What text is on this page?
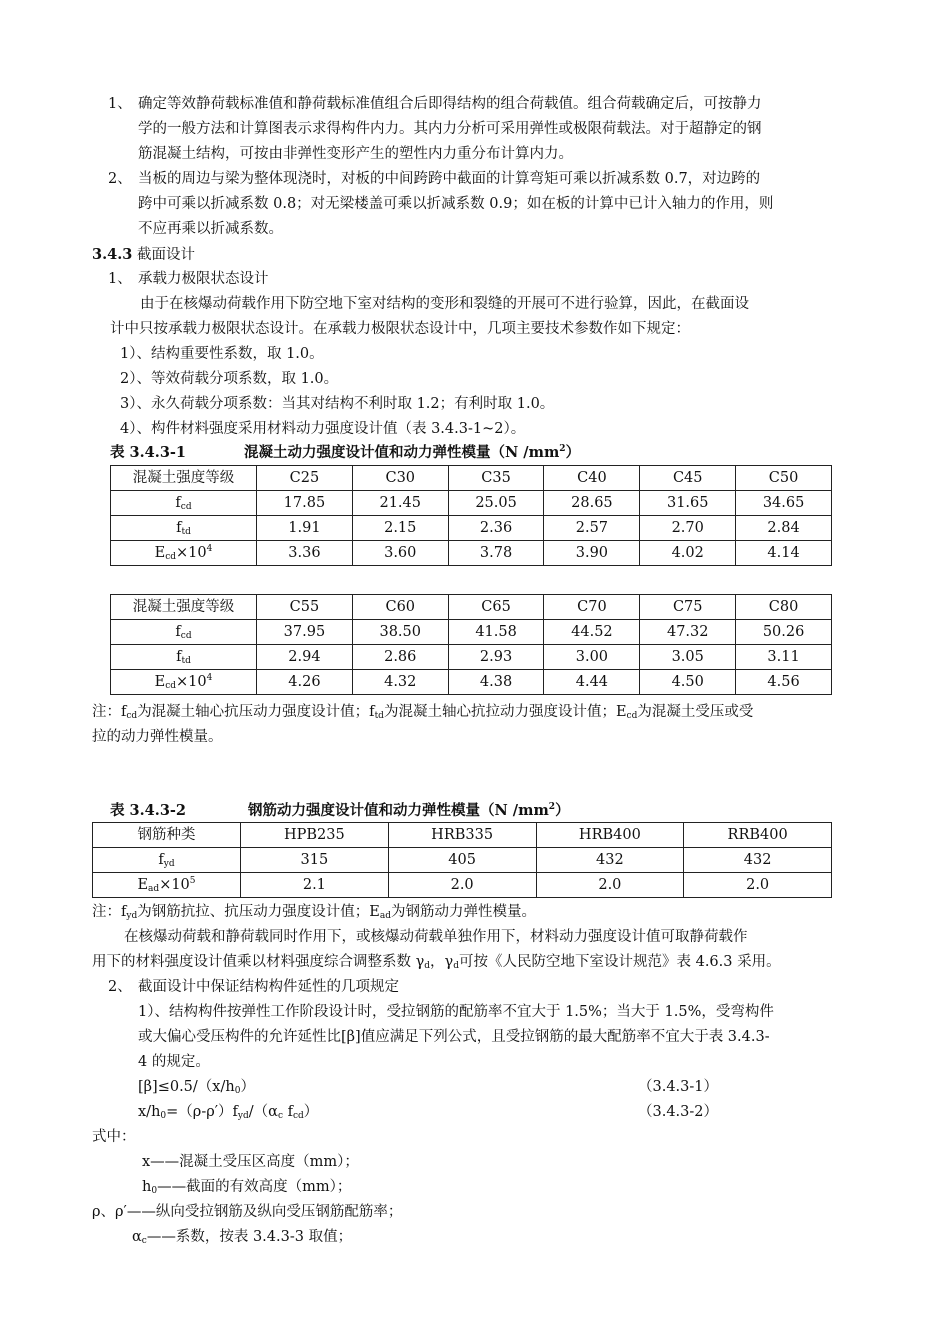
1、 确定等效静荷载标准值和静荷载标准值组合后即得结构的组合荷载值。组合荷载确定后，可按静力
学的一般方法和计算图表示求得构件内力。其内力分析可采用弹性或极限荷载法。对于超静定的钢
筋混凝土结构，可按由非弹性变形产生的塑性内力重分布计算内力。
2、 当板的周边与梁为整体现浇时，对板的中间跨跨中截面的计算弯矩可乘以折减系数 0.7，对边跨的
跨中可乘以折减系数 0.8；对无梁楼盖可乘以折减系数 0.9；如在板的计算中已计入轴力的作用，则
不应再乘以折减系数。
3.4.3 截面设计
1、 承载力极限状态设计
由于在核爆动荷载作用下防空地下室对结构的变形和裂缝的开展可不进行验算，因此，在截面设
计中只按承载力极限状态设计。在承载力极限状态设计中，几项主要技术参数作如下规定：
1）、结构重要性系数，取 1.0。
2）、等效荷载分项系数，取 1.0。
3）、永久荷载分项系数：当其对结构不利时取 1.2；有利时取 1.0。
4）、构件材料强度采用材料动力强度设计值（表 3.4.3-1~2）。
表 3.4.3-1	混凝土动力强度设计值和动力弹性模量（N $/mm^2$）
混凝土强度等级	C25	C30	C35	C40	C45	C50
$f_{cd}$	17.85	21.45	25.05	28.65	31.65	34.65
$f_{td}$	1.91	2.15	2.36	2.57	2.70	2.84
$E_{cd}\times 10^4$	3.36	3.60	3.78	3.90	4.02	4.14
混凝土强度等级	C55	C60	C65	C70	C75	C80
$f_{cd}$	37.95	38.50	41.58	44.52	47.32	50.26
$f_{td}$	2.94	2.86	2.93	3.00	3.05	3.11
$E_{cd}\times 10^4$	4.26	4.32	4.38	4.44	4.50	4.56
注：$f_{cd}$为混凝土轴心抗压动力强度设计值；$f_{td}$为混凝土轴心抗拉动力强度设计值；$E_{cd}$为混凝土受压或受
拉的动力弹性模量。
表 3.4.3-2	钢筋动力强度设计值和动力弹性模量（N $/mm^2$）
钢筋种类	HPB235	HRB335	HRB400	RRB400
$f_{yd}$	315	405	432	432
$E_{ad}\times 10^5$	2.1	2.0	2.0	2.0
注：$f_{yd}$为钢筋抗拉、抗压动力强度设计值；$E_{ad}$为钢筋动力弹性模量。
在核爆动荷载和静荷载同时作用下，或核爆动荷载单独作用下，材料动力强度设计值可取静荷载作
用下的材料强度设计值乘以材料强度综合调整系数 $\gamma_d$，$\gamma_d$可按《人民防空地下室设计规范》表 4.6.3 采用。
2、 截面设计中保证结构构件延性的几项规定
1）、结构构件按弹性工作阶段设计时，受拉钢筋的配筋率不宜大于 1.5%；当大于 1.5%，受弯构件
或大偏心受压构件的允许延性比[β]值应满足下列公式，且受拉钢筋的最大配筋率不宜大于表 3.4.3-
4 的规定。
$[\beta]\le 0.5/(x/h_0)$	（3.4.3-1）
$x/h_0=(\rho-\rho')f_{yd}/(\alpha_c$ $f_{cd}$）	（3.4.3-2）
式中：
x——混凝土受压区高度（mm）；
$h_0——$截面的有效高度（mm）；
ρ、ρ′——纵向受拉钢筋及纵向受压钢筋配筋率；
$\alpha_c——$系数，按表 3.4.3-3 取值；
